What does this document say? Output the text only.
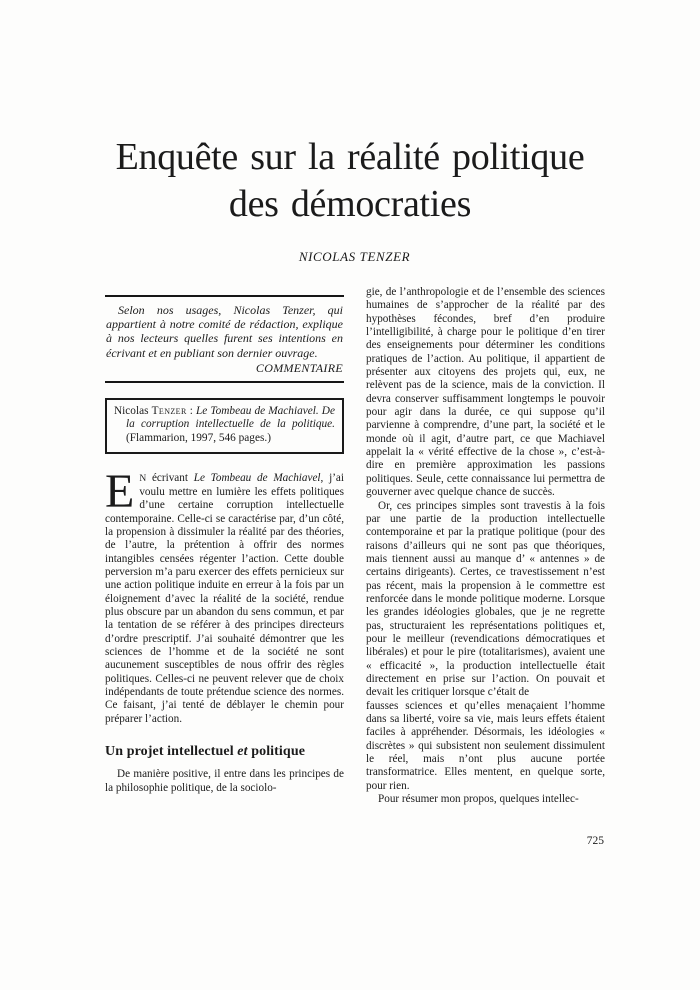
Enquête sur la réalité politique
des démocraties
NICOLAS TENZER

Selon nos usages, Nicolas Tenzer, qui appartient à notre comité de rédaction, explique à nos lecteurs quelles furent ses intentions en écrivant et en publiant son dernier ouvrage.

COMMENTAIRE

Nicolas Tenzer : Le Tombeau de Machiavel. De la corruption intellectuelle de la politique. (Flammarion, 1997, 546 pages.)

E N écrivant Le Tombeau de Machiavel, j’ai voulu mettre en lumière les effets politiques d’une certaine corruption intellectuelle contemporaine. Celle-ci se caractérise par, d’un côté, la propension à dissimuler la réalité par des théories, de l’autre, la prétention à offrir des normes intangibles censées régenter l’action. Cette double perversion m’a paru exercer des effets pernicieux sur une action politique induite en erreur à la fois par un éloignement d’avec la réalité de la société, rendue plus obscure par un abandon du sens commun, et par la tentation de se référer à des principes directeurs d’ordre prescriptif. J’ai souhaité démontrer que les sciences de l’homme et de la société ne sont aucunement susceptibles de nous offrir des règles politiques. Celles-ci ne peuvent relever que de choix indépendants de toute prétendue science des normes. Ce faisant, j’ai tenté de déblayer le chemin pour préparer l’action.

Un projet intellectuel et politique

De manière positive, il entre dans les principes de la philosophie politique, de la sociolo-

gie, de l’anthropologie et de l’ensemble des sciences humaines de s’approcher de la réalité par des hypothèses fécondes, bref d’en produire l’intelligibilité, à charge pour le politique d’en tirer des enseignements pour déterminer les conditions pratiques de l’action. Au politique, il appartient de présenter aux citoyens des projets qui, eux, ne relèvent pas de la science, mais de la conviction. Il devra conserver suffisamment longtemps le pouvoir pour agir dans la durée, ce qui suppose qu’il parvienne à comprendre, d’une part, la société et le monde où il agit, d’autre part, ce que Machiavel appelait la « vérité effective de la chose », c’est-à-dire en première approximation les passions politiques. Seule, cette connaissance lui permettra de gouverner avec quelque chance de succès.

Or, ces principes simples sont travestis à la fois par une partie de la production intellectuelle contemporaine et par la pratique politique (pour des raisons d’ailleurs qui ne sont pas que théoriques, mais tiennent aussi au manque d’ « antennes » de certains dirigeants). Certes, ce travestissement n’est pas récent, mais la propension à le commettre est renforcée dans le monde politique moderne. Lorsque les grandes idéologies globales, que je ne regrette pas, structuraient les représentations politiques et, pour le meilleur (revendications démocratiques et libérales) et pour le pire (totalitarismes), avaient une « efficacité », la production intellectuelle était directement en prise sur l’action. On pouvait et devait les critiquer lorsque c’était de

fausses sciences et qu’elles menaçaient l’homme dans sa liberté, voire sa vie, mais leurs effets étaient faciles à appréhender. Désormais, les idéologies « discrètes » qui subsistent non seulement dissimulent le réel, mais n’ont plus aucune portée transformatrice. Elles mentent, en quelque sorte, pour rien.

Pour résumer mon propos, quelques intellec-

725
